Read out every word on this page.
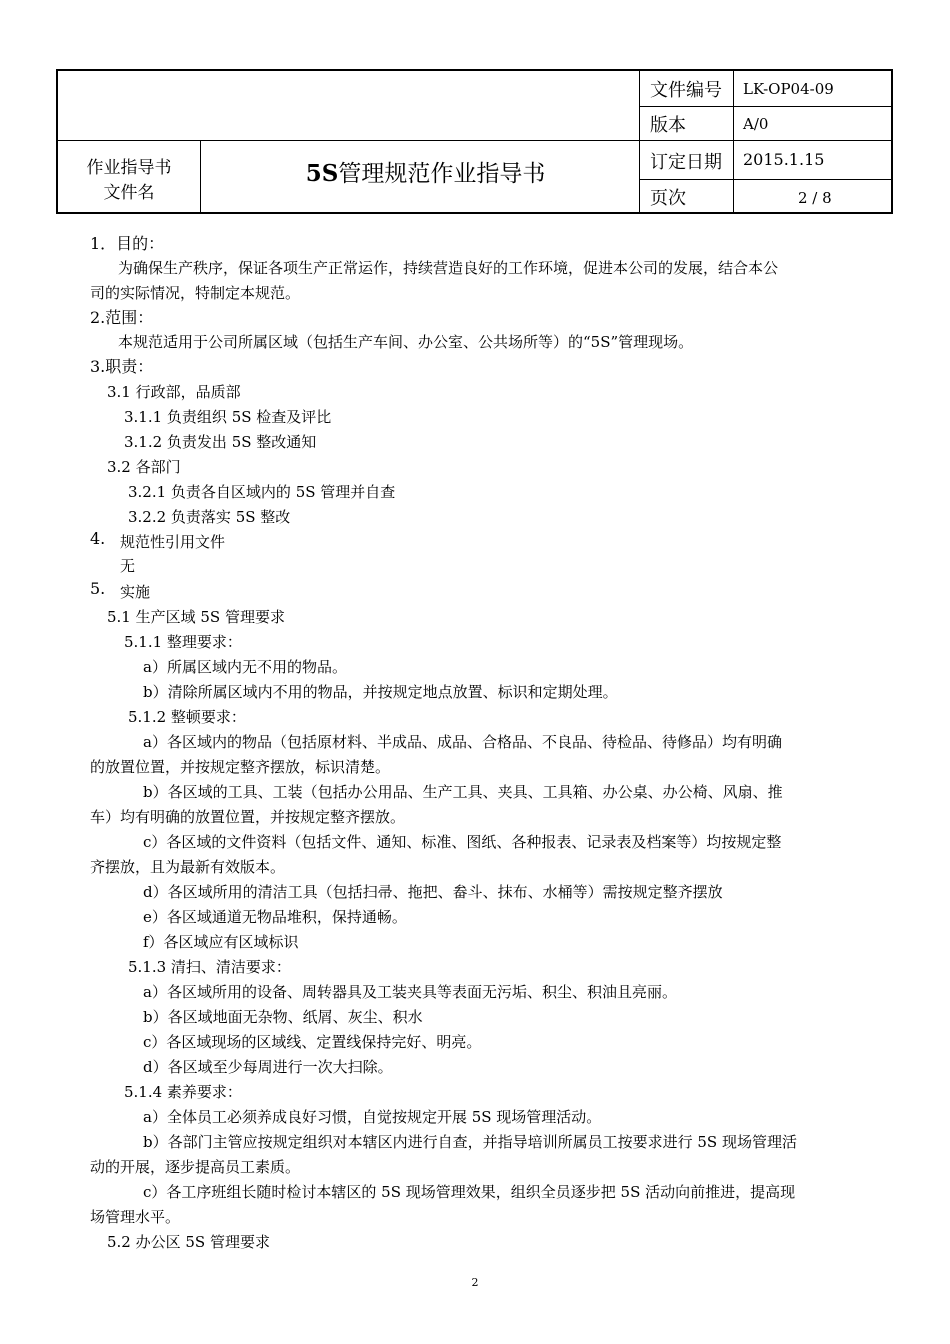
文件编号 LK-OP04-09
版本	A/0
订定日期 2015.1.15
页次	2 / 8
作业指导书
文件名
5S管理规范作业指导书
1．目的：
为确保生产秩序，保证各项生产正常运作，持续营造良好的工作环境，促进本公司的发展，结合本公
司的实际情况，特制定本规范。
2.范围：
本规范适用于公司所属区域（包括生产车间、办公室、公共场所等）的“5S”管理现场。
3.职责：
3.1 行政部，品质部
3.1.1 负责组织 5S 检查及评比
3.1.2 负责发出 5S 整改通知
3.2 各部门
3.2.1 负责各自区域内的 5S 管理并自查
3.2.2 负责落实 5S 整改
4. 规范性引用文件
无
5. 实施
5.1 生产区域 5S 管理要求
5.1.1 整理要求：
a）所属区域内无不用的物品。
b）清除所属区域内不用的物品，并按规定地点放置、标识和定期处理。
5.1.2 整顿要求：
a）各区域内的物品（包括原材料、半成品、成品、合格品、不良品、待检品、待修品）均有明确
的放置位置，并按规定整齐摆放，标识清楚。
b）各区域的工具、工装（包括办公用品、生产工具、夹具、工具箱、办公桌、办公椅、风扇、推
车）均有明确的放置位置，并按规定整齐摆放。
c）各区域的文件资料（包括文件、通知、标准、图纸、各种报表、记录表及档案等）均按规定整
齐摆放，且为最新有效版本。
d）各区域所用的清洁工具（包括扫帚、拖把、畚斗、抹布、水桶等）需按规定整齐摆放
e）各区域通道无物品堆积，保持通畅。
f）各区域应有区域标识
5.1.3 清扫、清洁要求：
a）各区域所用的设备、周转器具及工装夹具等表面无污垢、积尘、积油且亮丽。
b）各区域地面无杂物、纸屑、灰尘、积水
c）各区域现场的区域线、定置线保持完好、明亮。
d）各区域至少每周进行一次大扫除。
5.1.4 素养要求：
a）全体员工必须养成良好习惯，自觉按规定开展 5S 现场管理活动。
b）各部门主管应按规定组织对本辖区内进行自查，并指导培训所属员工按要求进行 5S 现场管理活
动的开展，逐步提高员工素质。
c）各工序班组长随时检讨本辖区的 5S 现场管理效果，组织全员逐步把 5S 活动向前推进，提高现
场管理水平。
5.2 办公区 5S 管理要求
2
